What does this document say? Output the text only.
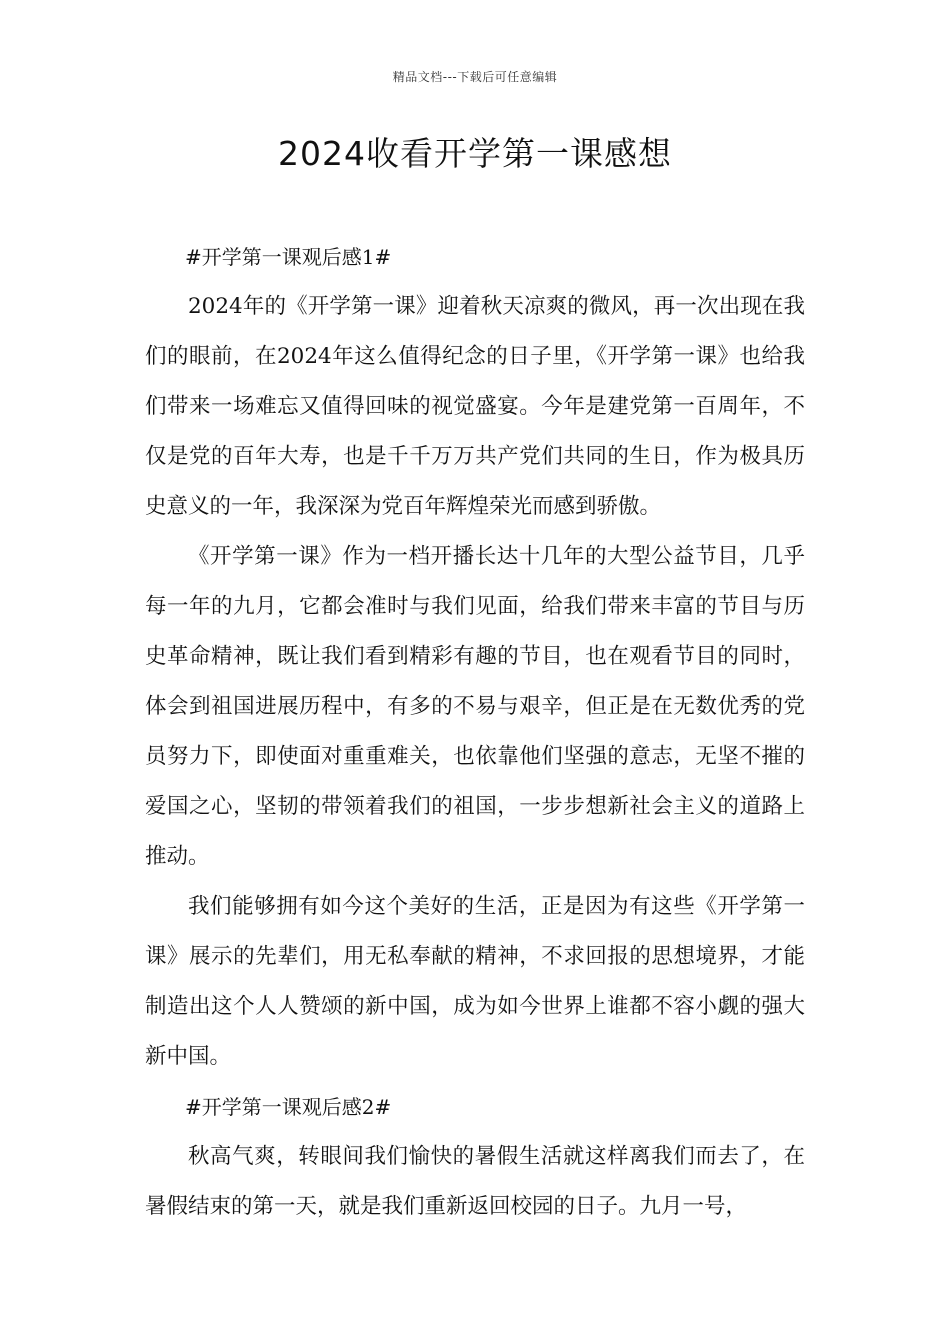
精品文档---下载后可任意编辑
2024收看开学第一课感想

#开学第一课观后感1#

2024年的《开学第一课》迎着秋天凉爽的微风，再一次出现在我们的眼前，在2024年这么值得纪念的日子里，《开学第一课》也给我们带来一场难忘又值得回味的视觉盛宴。今年是建党第一百周年，不仅是党的百年大寿，也是千千万万共产党们共同的生日，作为极具历史意义的一年，我深深为党百年辉煌荣光而感到骄傲。

《开学第一课》作为一档开播长达十几年的大型公益节目，几乎每一年的九月，它都会准时与我们见面，给我们带来丰富的节目与历史革命精神，既让我们看到精彩有趣的节目，也在观看节目的同时，体会到祖国进展历程中，有多的不易与艰辛，但正是在无数优秀的党员努力下，即使面对重重难关，也依靠他们坚强的意志，无坚不摧的爱国之心，坚韧的带领着我们的祖国，一步步想新社会主义的道路上推动。

我们能够拥有如今这个美好的生活，正是因为有这些《开学第一课》展示的先辈们，用无私奉献的精神，不求回报的思想境界，才能制造出这个人人赞颂的新中国，成为如今世界上谁都不容小觑的强大新中国。

#开学第一课观后感2#

秋高气爽，转眼间我们愉快的暑假生活就这样离我们而去了，在暑假结束的第一天，就是我们重新返回校园的日子。九月一号，
